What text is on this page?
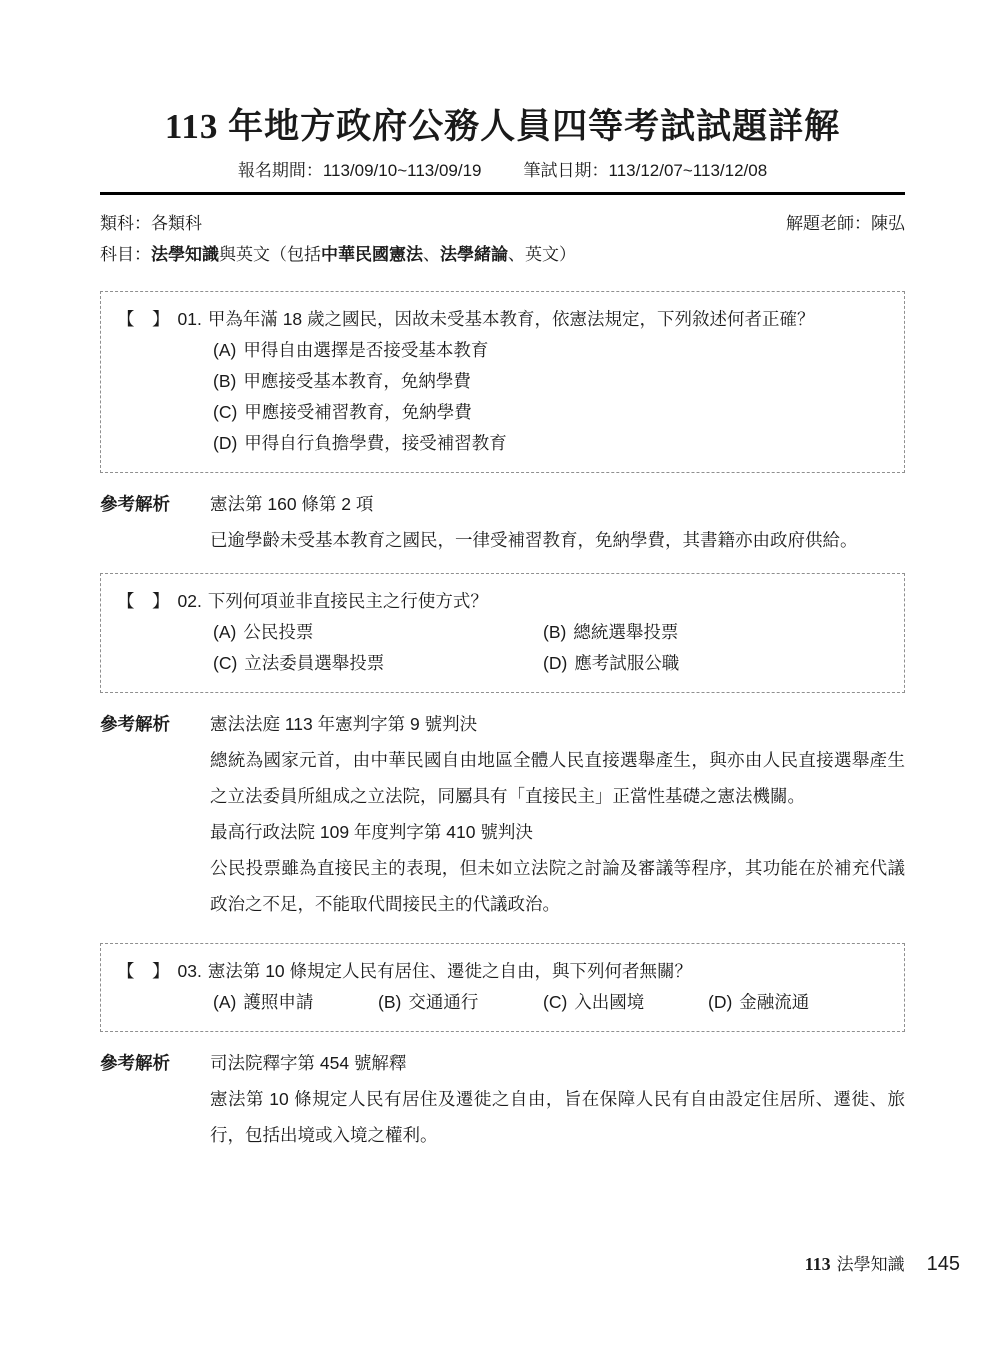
113 年地方政府公務人員四等考試試題詳解
報名期間：113/09/10~113/09/19 筆試日期：113/12/07~113/12/08
類科：各類科	解題老師：陳弘
科目：法學知識與英文（包括中華民國憲法、法學緒論、英文）
【　】 01. 甲為年滿 18 歲之國民，因故未受基本教育，依憲法規定，下列敘述何者正確？
(A) 甲得自由選擇是否接受基本教育
(B) 甲應接受基本教育，免納學費
(C) 甲應接受補習教育，免納學費
(D) 甲得自行負擔學費，接受補習教育
參考解析	憲法第 160 條第 2 項
已逾學齡未受基本教育之國民，一律受補習教育，免納學費，其書籍亦由政府供給。
【　】 02. 下列何項並非直接民主之行使方式？
(A) 公民投票	(B) 總統選舉投票
(C) 立法委員選舉投票	(D) 應考試服公職
參考解析	憲法法庭 113 年憲判字第 9 號判決
總統為國家元首，由中華民國自由地區全體人民直接選舉產生，與亦由人民直接選舉產生之立法委員所組成之立法院，同屬具有「直接民主」正當性基礎之憲法機關。
最高行政法院 109 年度判字第 410 號判決
公民投票雖為直接民主的表現，但未如立法院之討論及審議等程序，其功能在於補充代議政治之不足，不能取代間接民主的代議政治。
【　】 03. 憲法第 10 條規定人民有居住、遷徙之自由，與下列何者無關？
(A) 護照申請	(B) 交通通行	(C) 入出國境	(D) 金融流通
參考解析	司法院釋字第 454 號解釋
憲法第 10 條規定人民有居住及遷徙之自由，旨在保障人民有自由設定住居所、遷徙、旅行，包括出境或入境之權利。
113 法學知識 145
